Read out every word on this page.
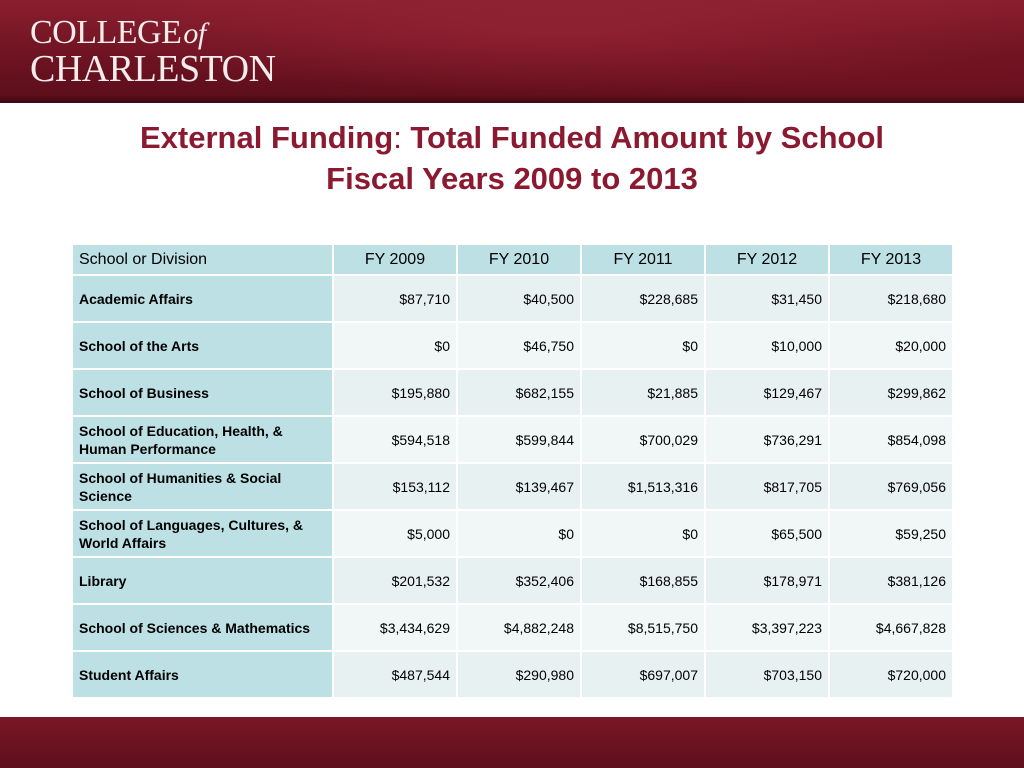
COLLEGEof
CHARLESTON
External Funding: Total Funded Amount by School
Fiscal Years 2009 to 2013
School or Division	FY 2009	FY 2010	FY 2011	FY 2012	FY 2013
Academic Affairs	$87,710	$40,500	$228,685	$31,450	$218,680
School of the Arts	$0	$46,750	$0	$10,000	$20,000
School of Business	$195,880	$682,155	$21,885	$129,467	$299,862
School of Education, Health, & Human Performance	$594,518	$599,844	$700,029	$736,291	$854,098
School of Humanities & Social Science	$153,112	$139,467	$1,513,316	$817,705	$769,056
School of Languages, Cultures, & World Affairs	$5,000	$0	$0	$65,500	$59,250
Library	$201,532	$352,406	$168,855	$178,971	$381,126
School of Sciences & Mathematics	$3,434,629	$4,882,248	$8,515,750	$3,397,223	$4,667,828
Student Affairs	$487,544	$290,980	$697,007	$703,150	$720,000
